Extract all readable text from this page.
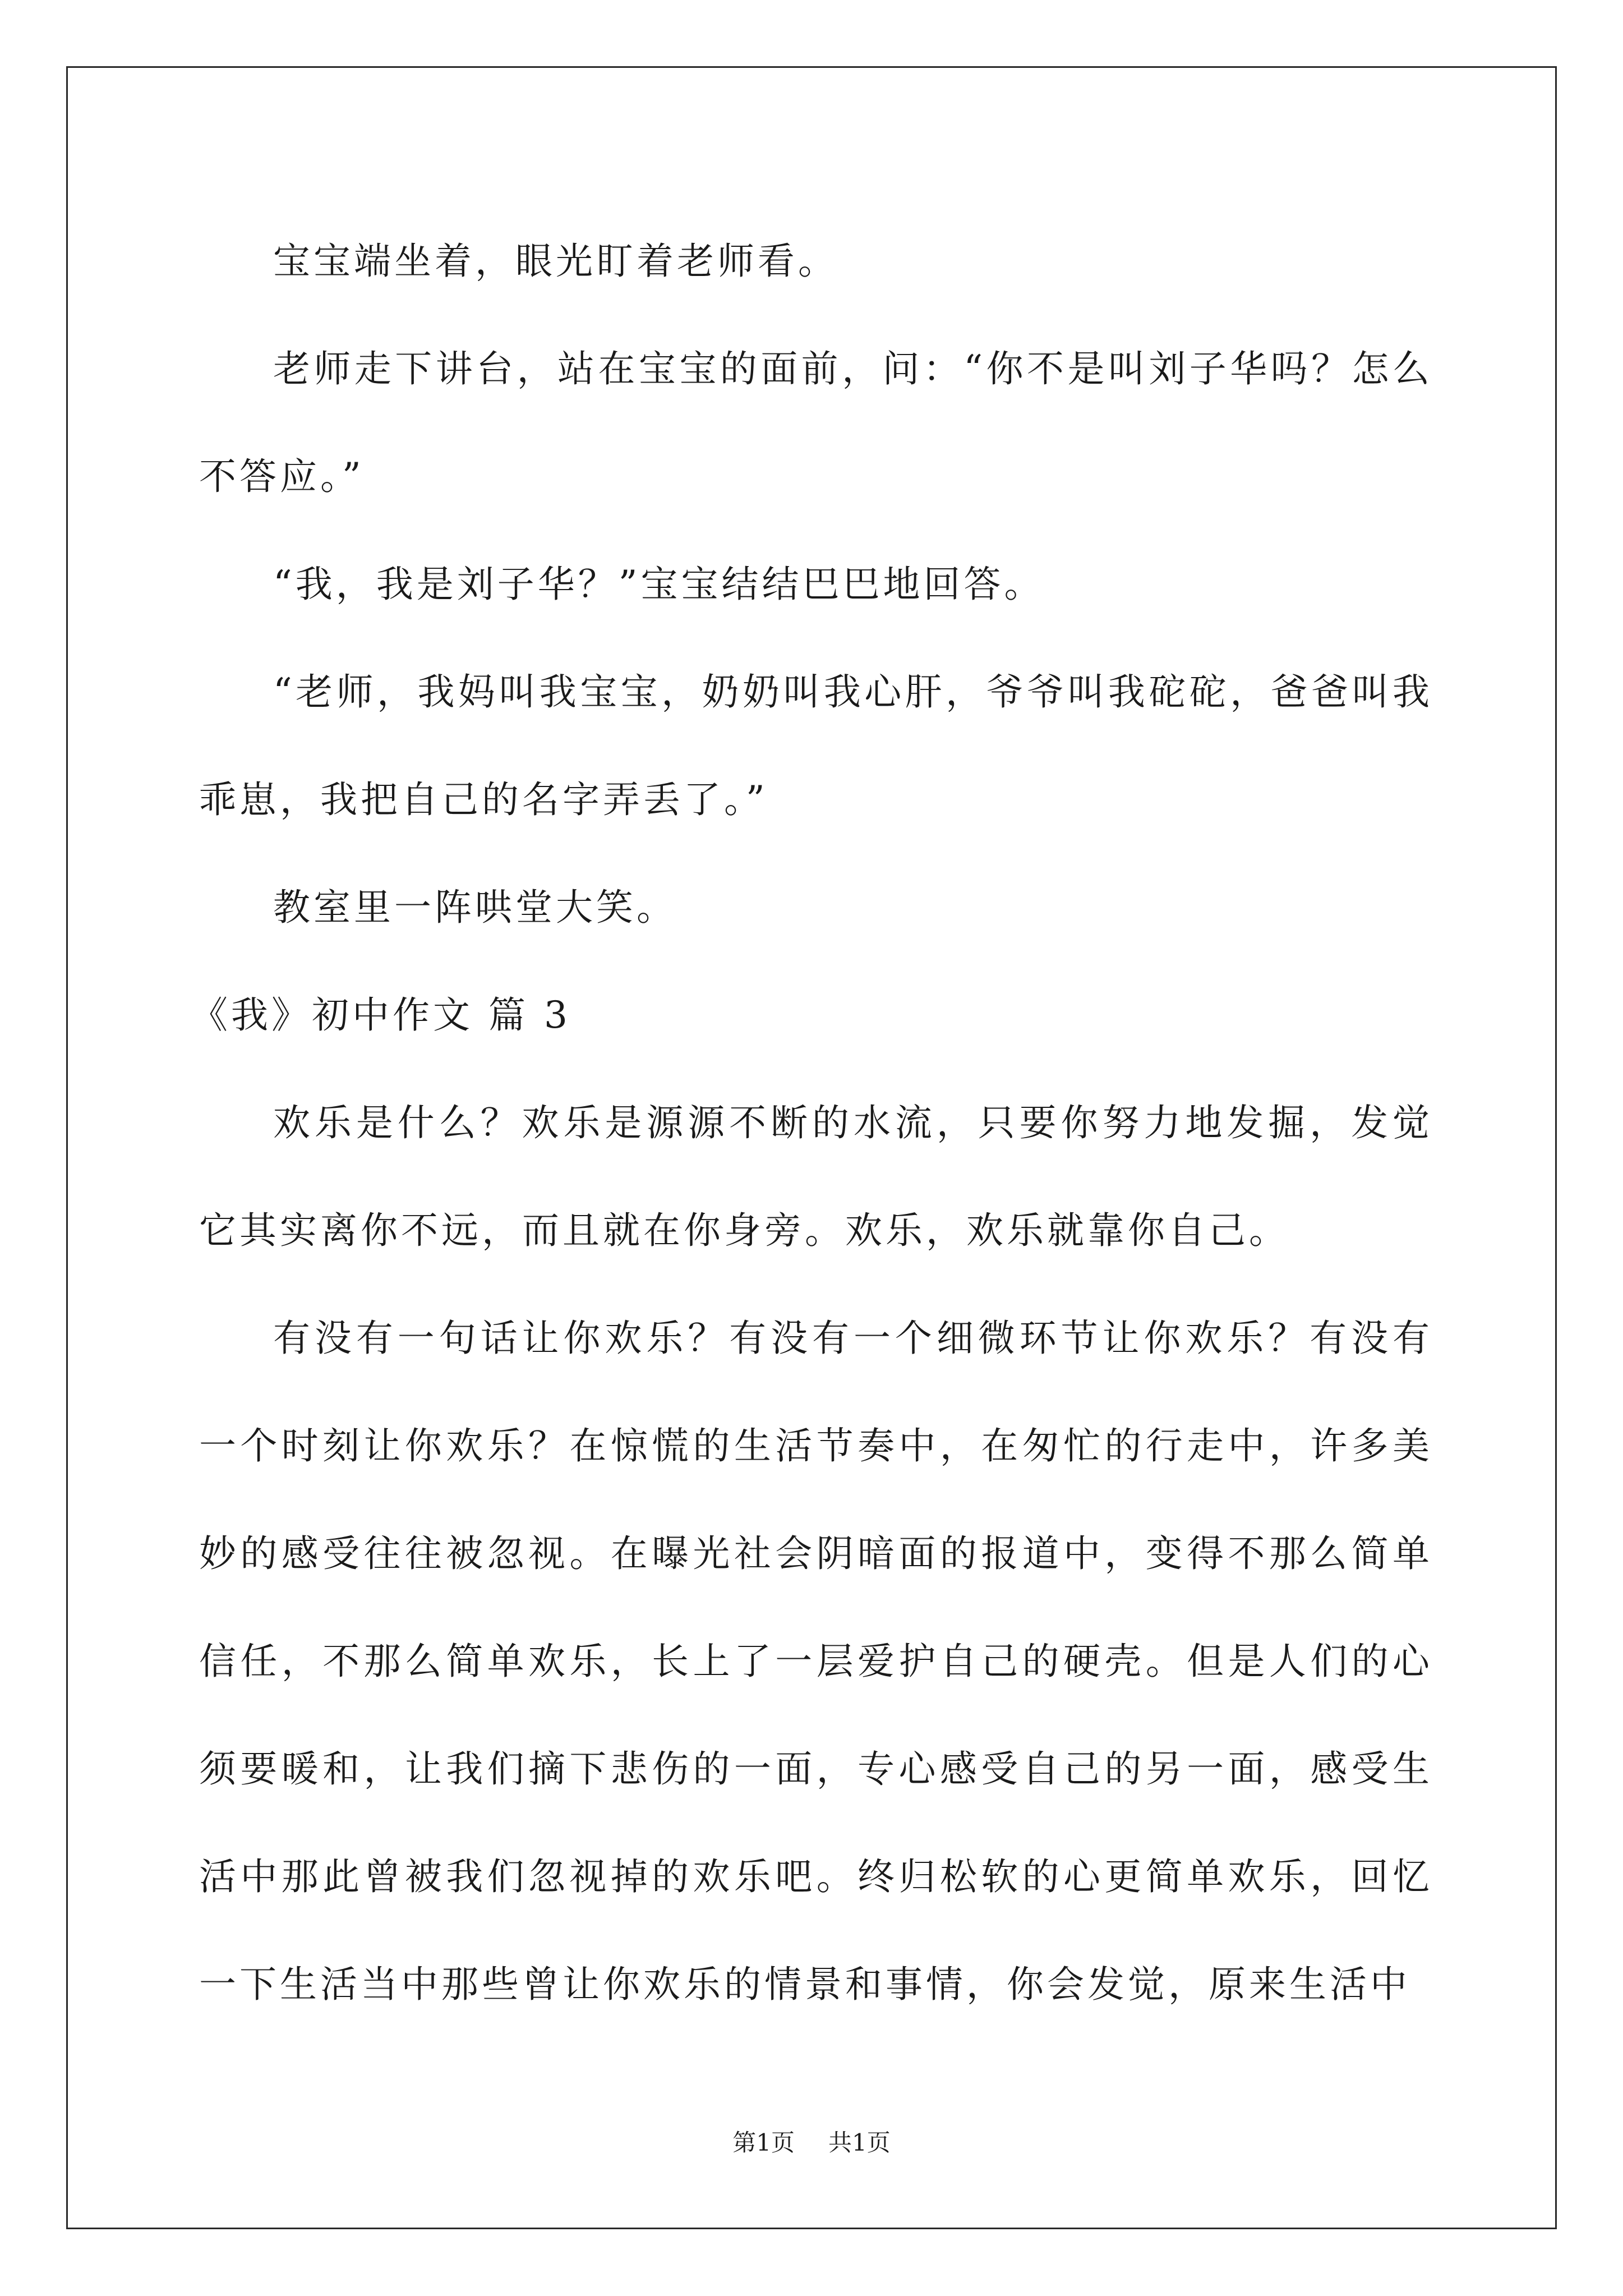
宝宝端坐着，眼光盯着老师看。

老师走下讲台，站在宝宝的面前，问：“你不是叫刘子华吗？怎么不答应。”

“我，我是刘子华？”宝宝结结巴巴地回答。

“老师，我妈叫我宝宝，奶奶叫我心肝，爷爷叫我砣砣，爸爸叫我乖崽，我把自己的名字弄丢了。”

教室里一阵哄堂大笑。

《我》初中作文 篇 3

欢乐是什么？欢乐是源源不断的水流，只要你努力地发掘，发觉它其实离你不远，而且就在你身旁。欢乐，欢乐就靠你自己。

有没有一句话让你欢乐？有没有一个细微环节让你欢乐？有没有一个时刻让你欢乐？在惊慌的生活节奏中，在匆忙的行走中，许多美妙的感受往往被忽视。在曝光社会阴暗面的报道中，变得不那么简单信任，不那么简单欢乐，长上了一层爱护自己的硬壳。但是人们的心须要暖和，让我们摘下悲伤的一面，专心感受自己的另一面，感受生活中那此曾被我们忽视掉的欢乐吧。终归松软的心更简单欢乐，回忆一下生活当中那些曾让你欢乐的情景和事情，你会发觉，原来生活中

第1页 共1页
